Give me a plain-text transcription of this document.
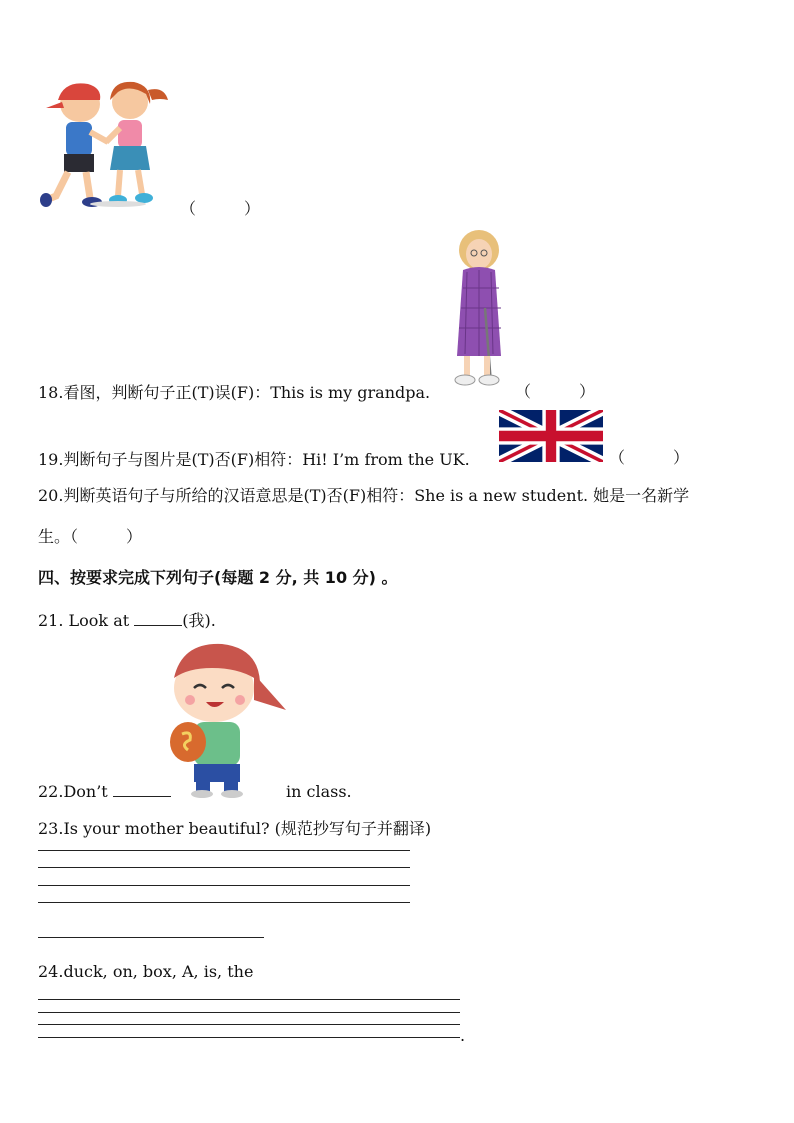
（　　　）
18.看图，判断句子正(T)误(F)：This is my grandpa.	（　　　）
19.判断句子与图片是(T)否(F)相符：Hi! I’m from the UK.	（　　　）
20.判断英语句子与所给的汉语意思是(T)否(F)相符：She is a new student. 她是一名新学
生。（　　　）
四、按要求完成下列句子(每题 2 分, 共 10 分) 。
21. Look at	(我).
22.Don’t	in class.
23.Is your mother beautiful? (规范抄写句子并翻译)
24.duck, on, box, A, is, the
.
